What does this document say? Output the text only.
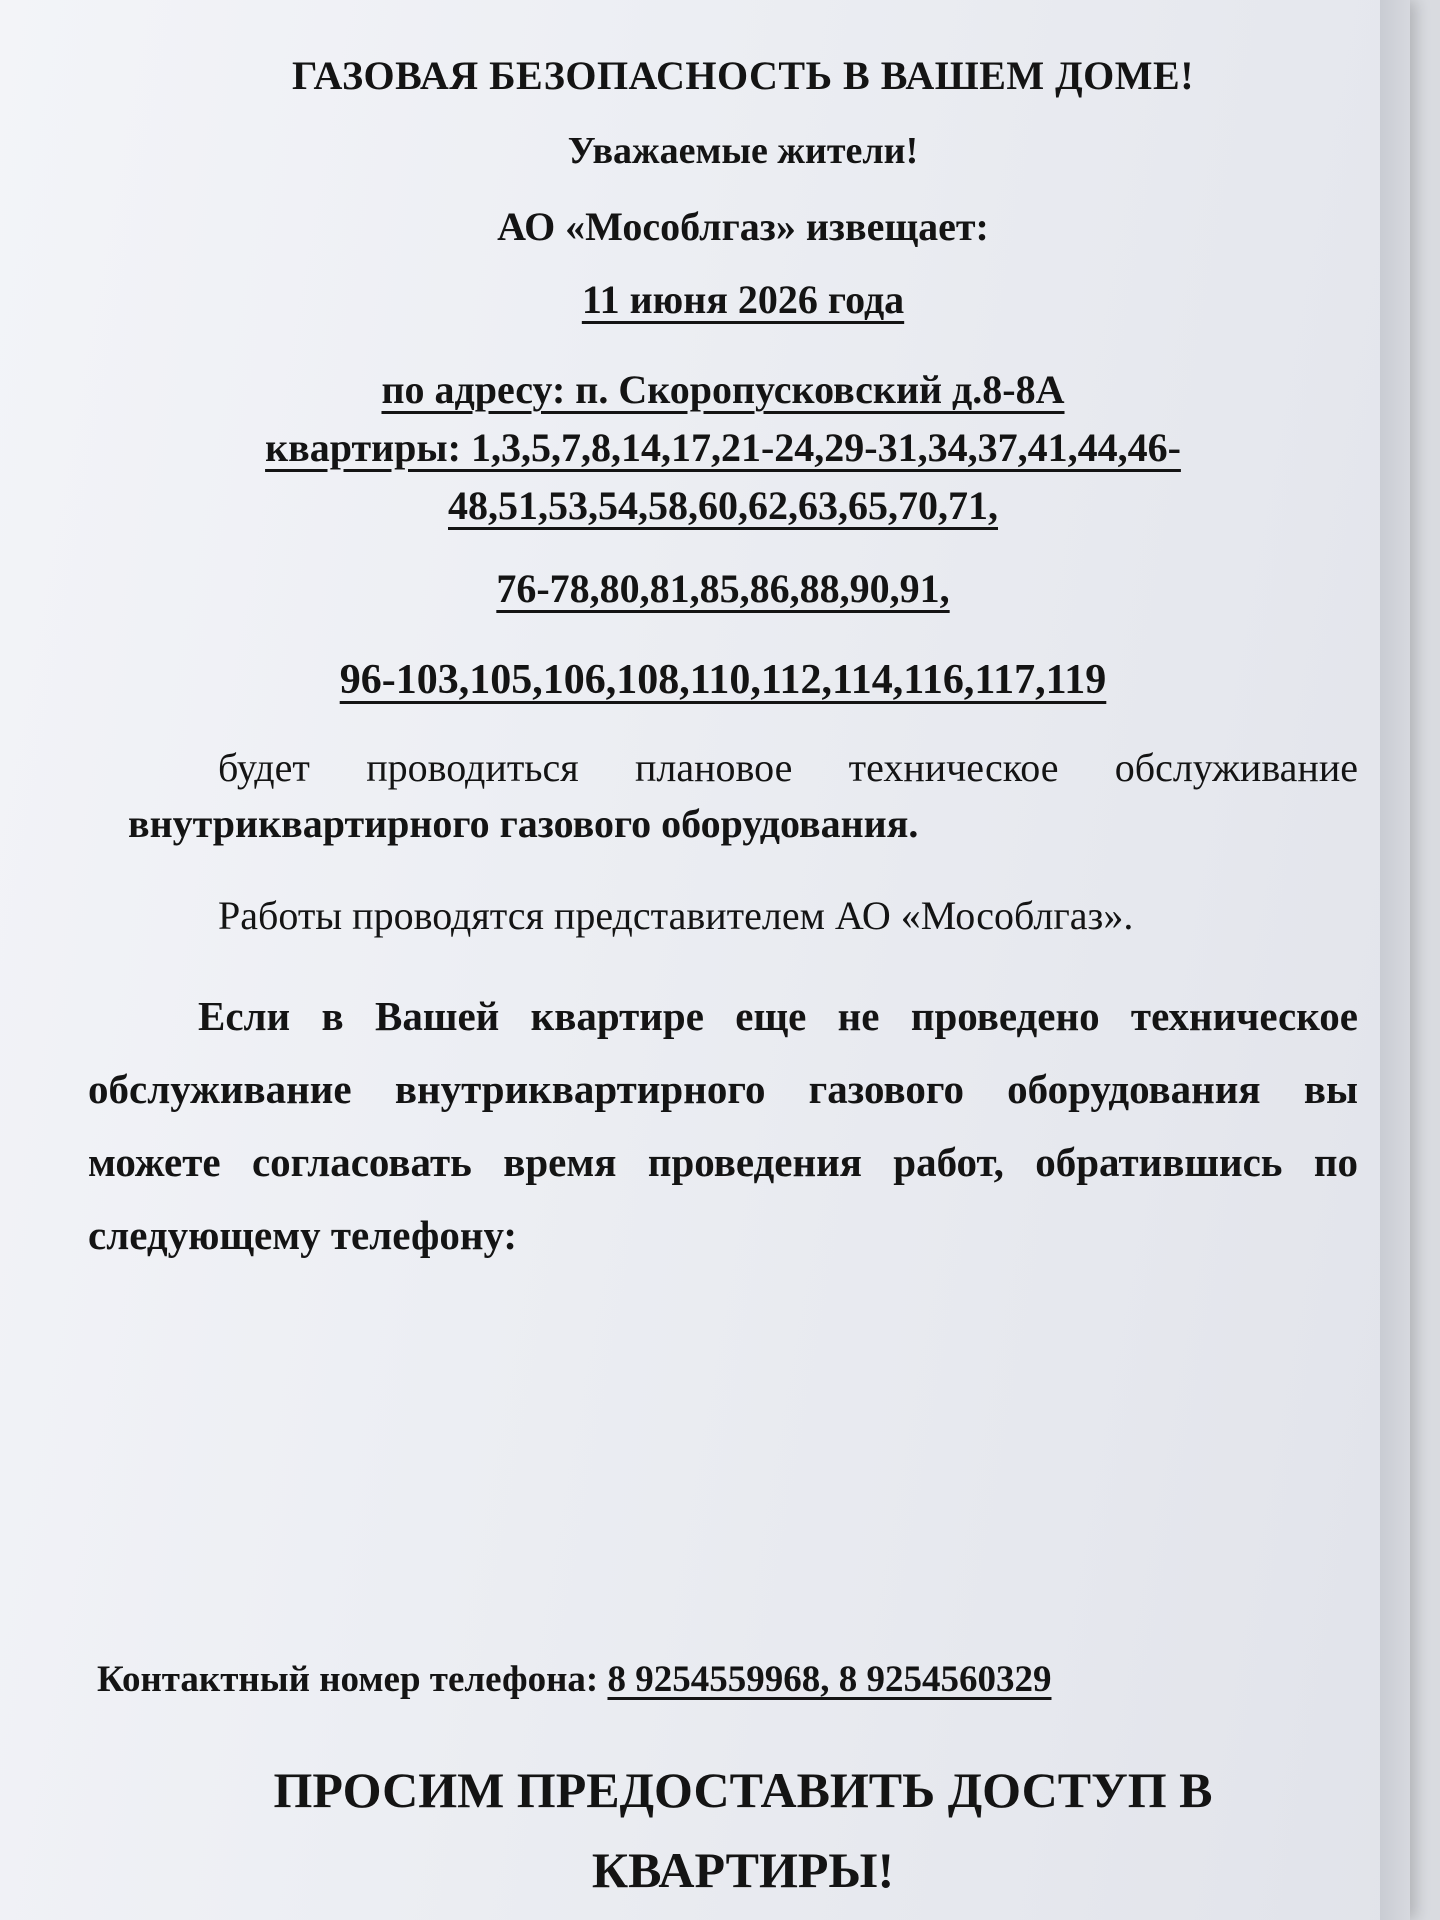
ГАЗОВАЯ БЕЗОПАСНОСТЬ В ВАШЕМ ДОМЕ!

Уважаемые жители!

АО «Мособлгаз» извещает:

11 июня 2026 года

по адресу: п. Скоропусковский д.8-8А
квартиры: 1,3,5,7,8,14,17,21-24,29-31,34,37,41,44,46-
48,51,53,54,58,60,62,63,65,70,71,

76-78,80,81,85,86,88,90,91,

96-103,105,106,108,110,112,114,116,117,119

будет проводиться плановое техническое обслуживание внутриквартирного газового оборудования.

Работы проводятся представителем АО «Мособлгаз».

Если в Вашей квартире еще не проведено техническое обслуживание внутриквартирного газового оборудования вы можете согласовать время проведения работ, обратившись по следующему телефону:

Контактный номер телефона: 8 9254559968, 8 9254560329
ПРОСИМ ПРЕДОСТАВИТЬ ДОСТУП В
КВАРТИРЫ!
